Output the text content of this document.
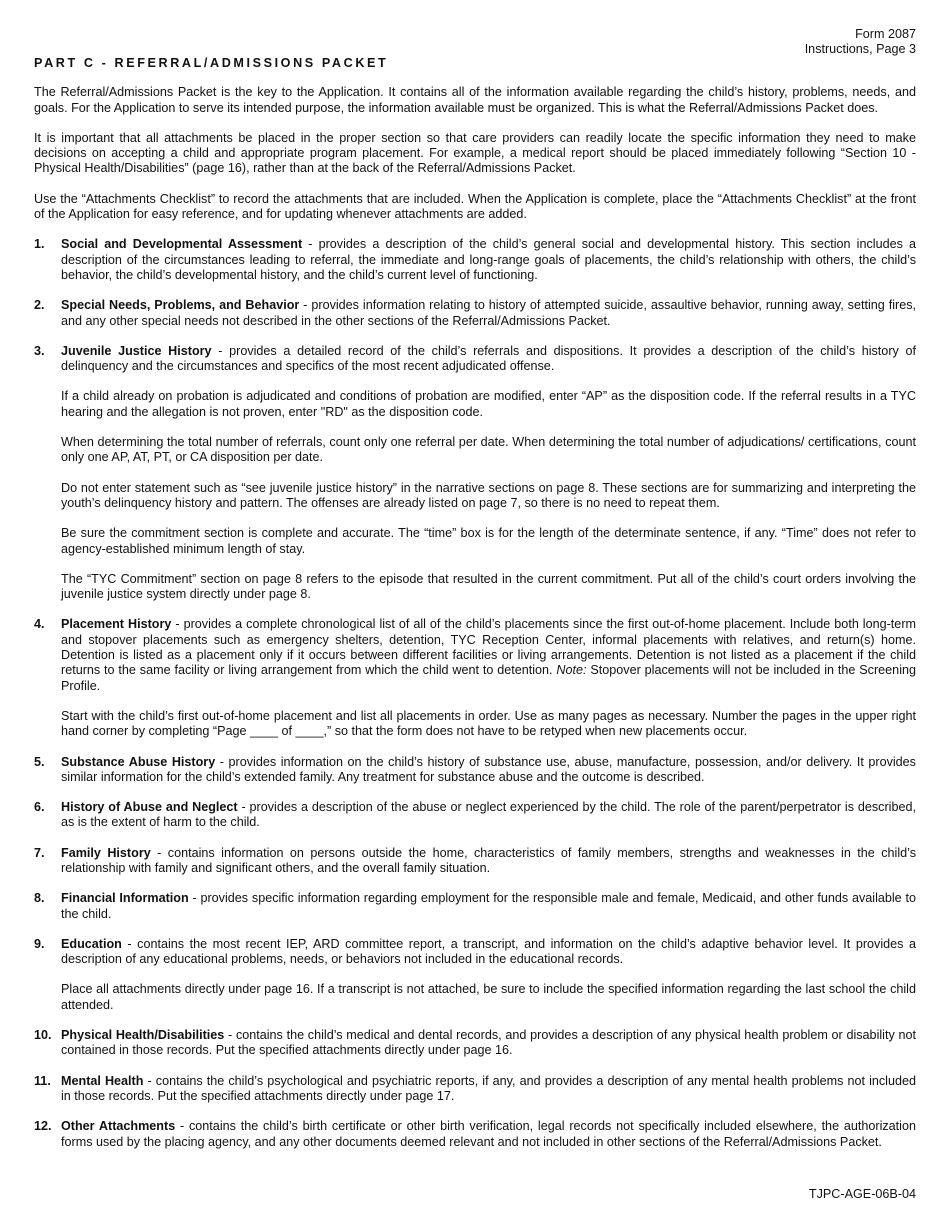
Form 2087
Instructions, Page 3
PART C - REFERRAL/ADMISSIONS PACKET

The Referral/Admissions Packet is the key to the Application. It contains all of the information available regarding the child’s history, problems, needs, and goals. For the Application to serve its intended purpose, the information available must be organized. This is what the Referral/Admissions Packet does.

It is important that all attachments be placed in the proper section so that care providers can readily locate the specific information they need to make decisions on accepting a child and appropriate program placement. For example, a medical report should be placed immediately following “Section 10 - Physical Health/Disabilities” (page 16), rather than at the back of the Referral/Admissions Packet.

Use the “Attachments Checklist” to record the attachments that are included. When the Application is complete, place the “Attachments Checklist” at the front of the Application for easy reference, and for updating whenever attachments are added.

1.	Social and Developmental Assessment - provides a description of the child’s general social and developmental history. This section includes a description of the circumstances leading to referral, the immediate and long-range goals of placements, the child’s relationship with others, the child’s behavior, the child’s developmental history, and the child’s current level of functioning.

2.	Special Needs, Problems, and Behavior - provides information relating to history of attempted suicide, assaultive behavior, running away, setting fires, and any other special needs not described in the other sections of the Referral/Admissions Packet.

3.	Juvenile Justice History - provides a detailed record of the child’s referrals and dispositions. It provides a description of the child’s history of delinquency and the circumstances and specifics of the most recent adjudicated offense.

If a child already on probation is adjudicated and conditions of probation are modified, enter “AP” as the disposition code. If the referral results in a TYC hearing and the allegation is not proven, enter "RD" as the disposition code.

When determining the total number of referrals, count only one referral per date. When determining the total number of adjudications/ certifications, count only one AP, AT, PT, or CA disposition per date.

Do not enter statement such as “see juvenile justice history” in the narrative sections on page 8. These sections are for summarizing and interpreting the youth’s delinquency history and pattern. The offenses are already listed on page 7, so there is no need to repeat them.

Be sure the commitment section is complete and accurate. The “time” box is for the length of the determinate sentence, if any. “Time” does not refer to agency-established minimum length of stay.

The “TYC Commitment” section on page 8 refers to the episode that resulted in the current commitment. Put all of the child’s court orders involving the juvenile justice system directly under page 8.

4.	Placement History - provides a complete chronological list of all of the child’s placements since the first out-of-home placement. Include both long-term and stopover placements such as emergency shelters, detention, TYC Reception Center, informal placements with relatives, and return(s) home. Detention is listed as a placement only if it occurs between different facilities or living arrangements. Detention is not listed as a placement if the child returns to the same facility or living arrangement from which the child went to detention. Note: Stopover placements will not be included in the Screening Profile.

Start with the child’s first out-of-home placement and list all placements in order. Use as many pages as necessary. Number the pages in the upper right hand corner by completing “Page ____ of ____,” so that the form does not have to be retyped when new placements occur.

5.	Substance Abuse History - provides information on the child’s history of substance use, abuse, manufacture, possession, and/or delivery. It provides similar information for the child’s extended family. Any treatment for substance abuse and the outcome is described.

6.	History of Abuse and Neglect - provides a description of the abuse or neglect experienced by the child. The role of the parent/perpetrator is described, as is the extent of harm to the child.

7.	Family History - contains information on persons outside the home, characteristics of family members, strengths and weaknesses in the child’s relationship with family and significant others, and the overall family situation.

8.	Financial Information - provides specific information regarding employment for the responsible male and female, Medicaid, and other funds available to the child.

9.	Education - contains the most recent IEP, ARD committee report, a transcript, and information on the child’s adaptive behavior level. It provides a description of any educational problems, needs, or behaviors not included in the educational records.

Place all attachments directly under page 16. If a transcript is not attached, be sure to include the specified information regarding the last school the child attended.

10. Physical Health/Disabilities - contains the child’s medical and dental records, and provides a description of any physical health problem or disability not contained in those records. Put the specified attachments directly under page 16.

11. Mental Health - contains the child’s psychological and psychiatric reports, if any, and provides a description of any mental health problems not included in those records. Put the specified attachments directly under page 17.

12. Other Attachments - contains the child’s birth certificate or other birth verification, legal records not specifically included elsewhere, the authorization forms used by the placing agency, and any other documents deemed relevant and not included in other sections of the Referral/Admissions Packet.

TJPC-AGE-06B-04
